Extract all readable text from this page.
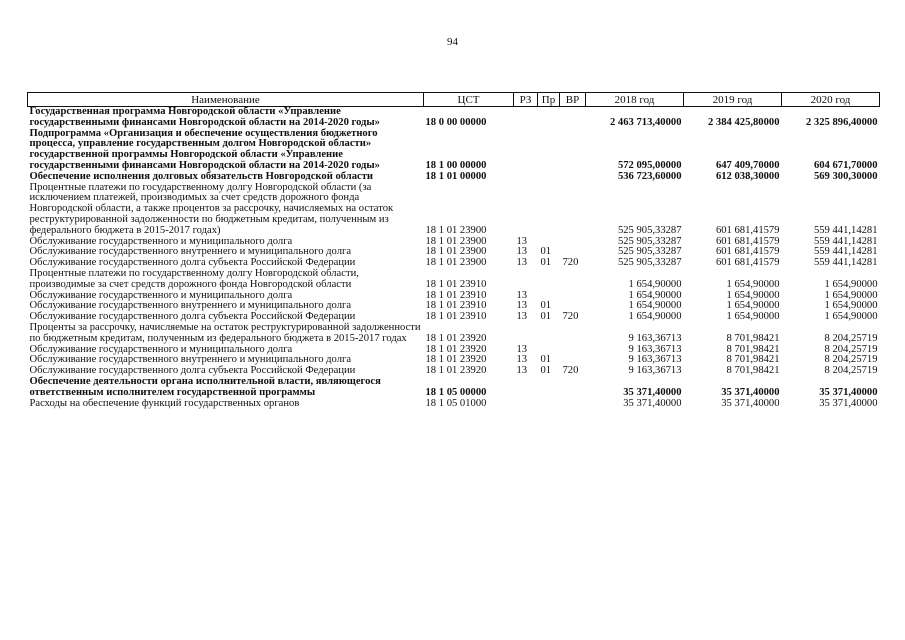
94
Наименование	ЦСТ	РЗ	Пр	ВР	2018 год	2019 год	2020 год
Государственная программа Новгородской области «Управление государственными финансами Новгородской области на 2014-2020 годы»	18 0 00 00000				2 463 713,40000	2 384 425,80000	2 325 896,40000
Подпрограмма «Организация и обеспечение осуществления бюджетного процесса, управление государственным долгом Новгородской области» государственной программы Новгородской области «Управление государственными финансами Новгородской области на 2014-2020 годы»	18 1 00 00000				572 095,00000	647 409,70000	604 671,70000
Обеспечение исполнения долговых обязательств Новгородской области	18 1 01 00000				536 723,60000	612 038,30000	569 300,30000
Процентные платежи по государственному долгу Новгородской области (за исключением платежей, производимых за счет средств дорожного фонда Новгородской области, а также процентов за рассрочку, начисляемых на остаток реструктурированной задолженности по бюджетным кредитам, полученным из федерального бюджета в 2015-2017 годах)	18 1 01 23900				525 905,33287	601 681,41579	559 441,14281
Обслуживание государственного и муниципального долга	18 1 01 23900	13			525 905,33287	601 681,41579	559 441,14281
Обслуживание государственного внутреннего и муниципального долга	18 1 01 23900	13	01		525 905,33287	601 681,41579	559 441,14281
Обслуживание государственного долга субъекта Российской Федерации	18 1 01 23900	13	01	720	525 905,33287	601 681,41579	559 441,14281
Процентные платежи по государственному долгу Новгородской области, производимые за счет средств дорожного фонда Новгородской области	18 1 01 23910				1 654,90000	1 654,90000	1 654,90000
Обслуживание государственного и муниципального долга	18 1 01 23910	13			1 654,90000	1 654,90000	1 654,90000
Обслуживание государственного внутреннего и муниципального долга	18 1 01 23910	13	01		1 654,90000	1 654,90000	1 654,90000
Обслуживание государственного долга субъекта Российской Федерации	18 1 01 23910	13	01	720	1 654,90000	1 654,90000	1 654,90000
Проценты за рассрочку, начисляемые на остаток реструктурированной задолженности по бюджетным кредитам, полученным из федерального бюджета в 2015-2017 годах	18 1 01 23920				9 163,36713	8 701,98421	8 204,25719
Обслуживание государственного и муниципального долга	18 1 01 23920	13			9 163,36713	8 701,98421	8 204,25719
Обслуживание государственного внутреннего и муниципального долга	18 1 01 23920	13	01		9 163,36713	8 701,98421	8 204,25719
Обслуживание государственного долга субъекта Российской Федерации	18 1 01 23920	13	01	720	9 163,36713	8 701,98421	8 204,25719
Обеспечение деятельности органа исполнительной власти, являющегося ответственным исполнителем государственной программы	18 1 05 00000				35 371,40000	35 371,40000	35 371,40000
Расходы на обеспечение функций государственных органов	18 1 05 01000				35 371,40000	35 371,40000	35 371,40000
